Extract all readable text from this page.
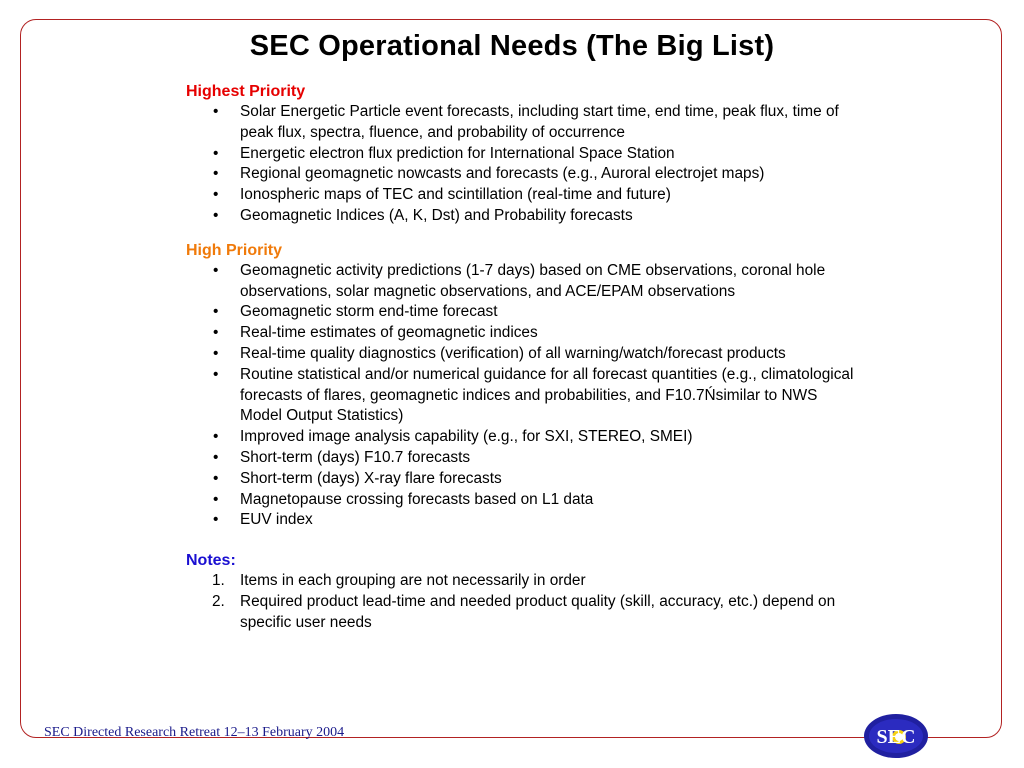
SEC Operational Needs (The Big List)
Highest Priority
• Solar Energetic Particle event forecasts, including start time, end time, peak flux, time of peak flux, spectra, fluence, and probability of occurrence
• Energetic electron flux prediction for International Space Station
• Regional geomagnetic nowcasts and forecasts (e.g., Auroral electrojet maps)
• Ionospheric maps of TEC and scintillation (real-time and future)
• Geomagnetic Indices (A, K, Dst) and Probability forecasts
High Priority
• Geomagnetic activity predictions (1-7 days) based on CME observations, coronal hole observations, solar magnetic observations, and ACE/EPAM observations
• Geomagnetic storm end-time forecast
• Real-time estimates of geomagnetic indices
• Real-time quality diagnostics (verification) of all warning/watch/forecast products
• Routine statistical and/or numerical guidance for all forecast quantities (e.g., climatological forecasts of flares, geomagnetic indices and probabilities, and F10.7Ńsimilar to NWS Model Output Statistics)
• Improved image analysis capability (e.g., for SXI, STEREO, SMEI)
• Short-term (days) F10.7 forecasts
• Short-term (days) X-ray flare forecasts
• Magnetopause crossing forecasts based on L1 data
• EUV index
Notes:
1. Items in each grouping are not necessarily in order
2. Required product lead-time and needed product quality (skill, accuracy, etc.) depend on specific user needs
SEC Directed Research Retreat 12–13 February 2004	SEC
